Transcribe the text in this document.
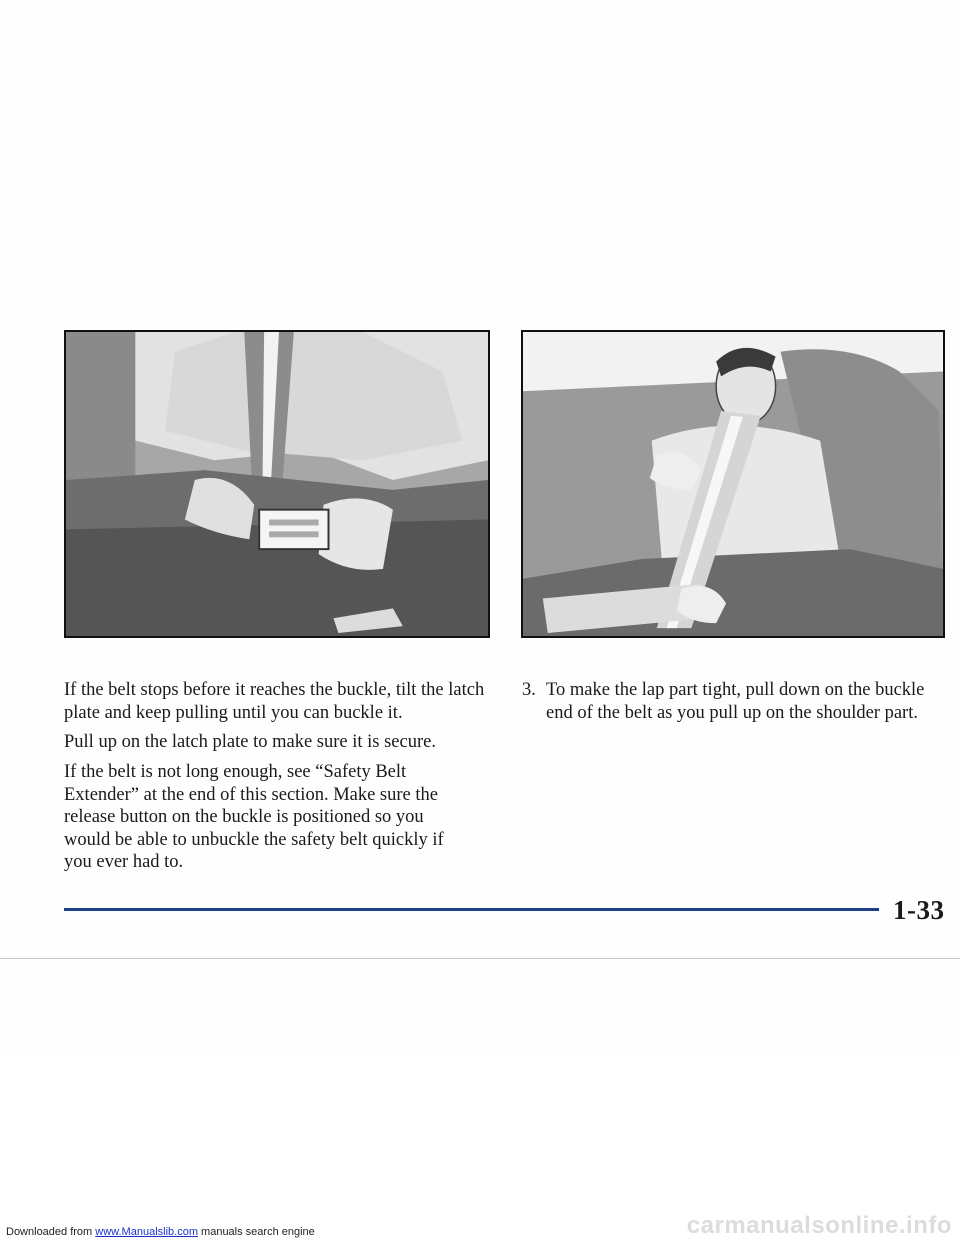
If the belt stops before it reaches the buckle, tilt the latch plate and keep pulling until you can buckle it.

Pull up on the latch plate to make sure it is secure.

If the belt is not long enough, see “Safety Belt Extender” at the end of this section. Make sure the release button on the buckle is positioned so you would be able to unbuckle the safety belt quickly if you ever had to.

3. To make the lap part tight, pull down on the buckle end of the belt as you pull up on the shoulder part.
1-33
Downloaded from www.Manualslib.com manuals search engine	carmanualsonline.info
